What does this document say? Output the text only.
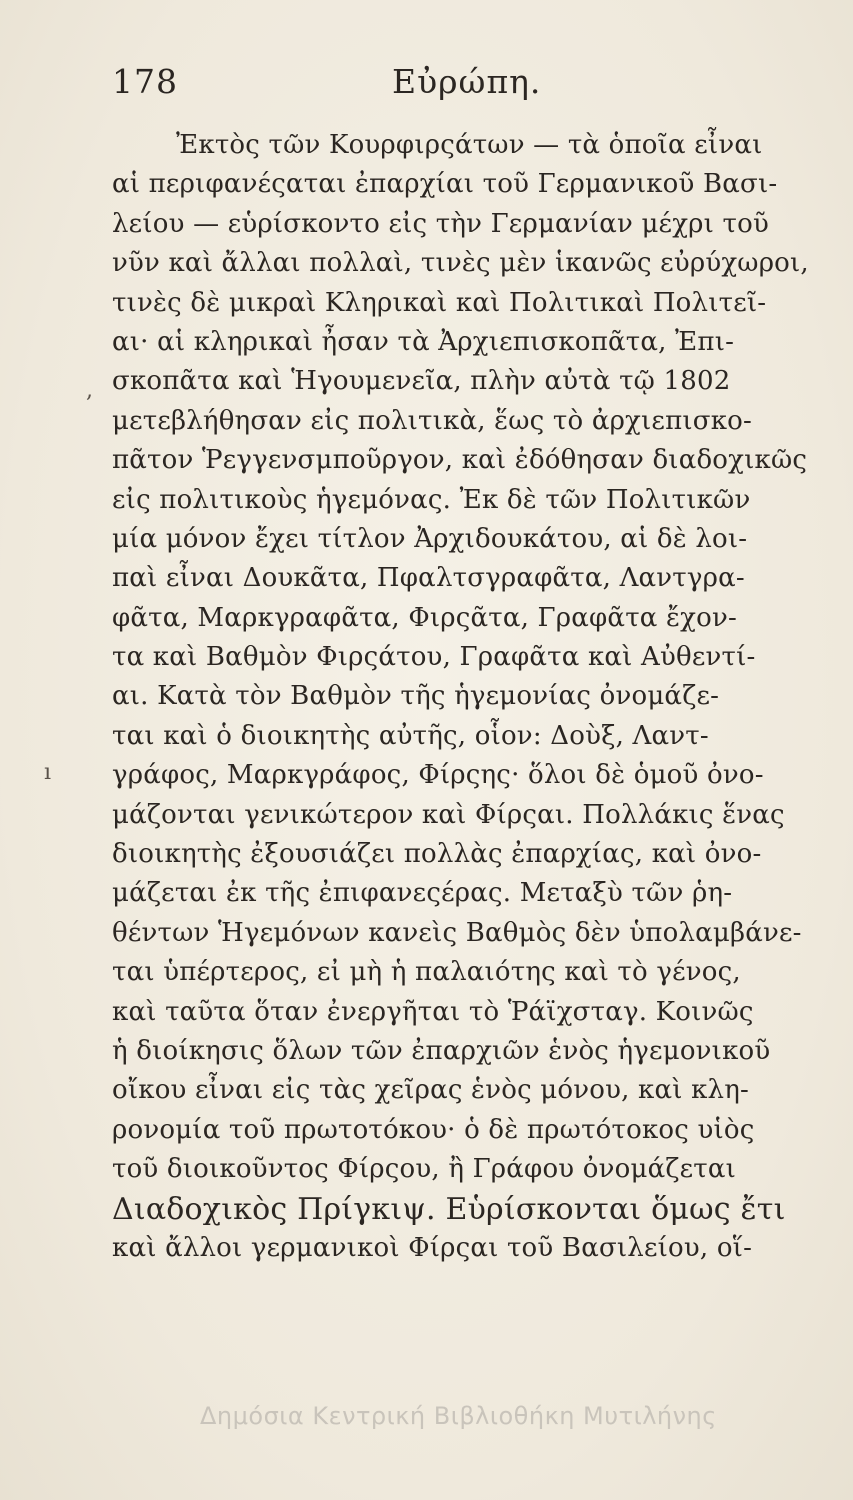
178	Εὐρώπη.
Ἐκτὸς τῶν Κουρφιρςάτων — τὰ ὁποῖα εἶναι
αἱ περιφανέςαται ἐπαρχίαι τοῦ Γερμανικοῦ Βασι-
λείου — εὑρίσκοντο εἰς τὴν Γερμανίαν μέχρι τοῦ
νῦν καὶ ἄλλαι πολλαὶ, τινὲς μὲν ἱκανῶς εὐρύχωροι,
τινὲς δὲ μικραὶ Κληρικαὶ καὶ Πολιτικαὶ Πολιτεῖ-
αι· αἱ κληρικαὶ ἦσαν τὰ Ἀρχιεπισκοπᾶτα, Ἐπι-
σκοπᾶτα καὶ Ἡγουμενεῖα, πλὴν αὐτὰ τῷ 1802
μετεβλήθησαν εἰς πολιτικὰ, ἕως τὸ ἀρχιεπισκο-
πᾶτον Ῥεγγενσμποῦργον, καὶ ἐδόθησαν διαδοχικῶς
εἰς πολιτικοὺς ἡγεμόνας. Ἐκ δὲ τῶν Πολιτικῶν
μία μόνον ἔχει τίτλον Ἀρχιδουκάτου, αἱ δὲ λοι-
παὶ εἶναι Δουκᾶτα, Πφαλτσγραφᾶτα, Λαντγρα-
φᾶτα, Μαρκγραφᾶτα, Φιρςᾶτα, Γραφᾶτα ἔχον-
τα καὶ Βαθμὸν Φιρςάτου, Γραφᾶτα καὶ Αὐθεντί-
αι. Κατὰ τὸν Βαθμὸν τῆς ἡγεμονίας ὀνομάζε-
ται καὶ ὁ διοικητὴς αὐτῆς, οἷον: Δοὺξ, Λαντ-
γράφος, Μαρκγράφος, Φίρςης· ὅλοι δὲ ὁμοῦ ὀνο-
μάζονται γενικώτερον καὶ Φίρςαι. Πολλάκις ἕνας
διοικητὴς ἐξουσιάζει πολλὰς ἐπαρχίας, καὶ ὀνο-
μάζεται ἐκ τῆς ἐπιφανεςέρας. Μεταξὺ τῶν ῥη-
θέντων Ἡγεμόνων κανεὶς Βαθμὸς δὲν ὑπολαμβάνε-
ται ὑπέρτερος, εἰ μὴ ἡ παλαιότης καὶ τὸ γένος,
καὶ ταῦτα ὅταν ἐνεργῆται τὸ Ῥάϊχσταγ. Κοινῶς
ἡ διοίκησις ὅλων τῶν ἐπαρχιῶν ἑνὸς ἡγεμονικοῦ
οἴκου εἶναι εἰς τὰς χεῖρας ἑνὸς μόνου, καὶ κλη-
ρονομία τοῦ πρωτοτόκου· ὁ δὲ πρωτότοκος υἱὸς
τοῦ διοικοῦντος Φίρςου, ἢ Γράφου ὀνομάζεται
Διαδοχικὸς Πρίγκιψ. Εὑρίσκονται ὅμως ἔτι
καὶ ἄλλοι γερμανικοὶ Φίρςαι τοῦ Βασιλείου, οἵ-
,
ı
Δημόσια Κεντρική Βιβλιοθήκη Μυτιλήνης
